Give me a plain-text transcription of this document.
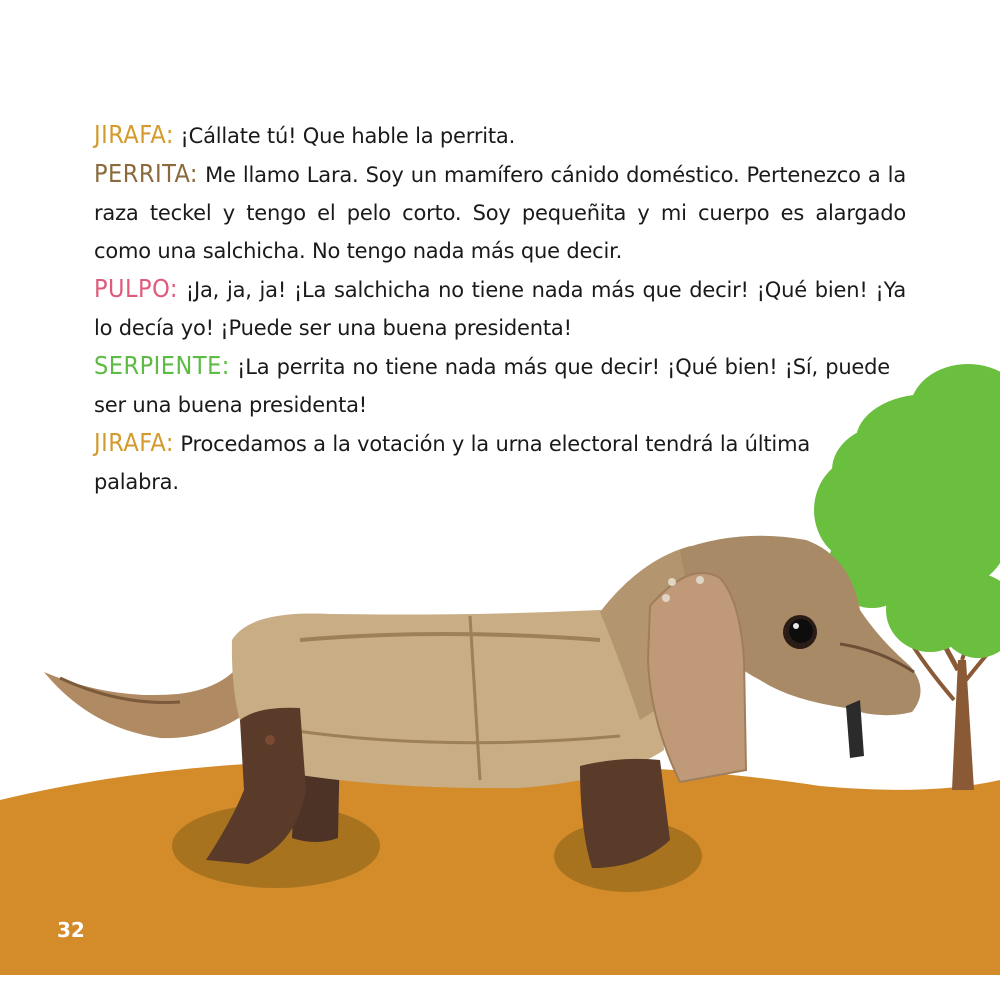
JIRAFA: ¡Cállate tú! Que hable la perrita.

PERRITA: Me llamo Lara. Soy un mamífero cánido doméstico. Pertenezco a la raza teckel y tengo el pelo corto. Soy pequeñita y mi cuerpo es alargado como una salchicha. No tengo nada más que decir.

PULPO: ¡Ja, ja, ja! ¡La salchicha no tiene nada más que decir! ¡Qué bien! ¡Ya lo decía yo! ¡Puede ser una buena presidenta!

SERPIENTE: ¡La perrita no tiene nada más que decir! ¡Qué bien! ¡Sí, puede ser una buena presidenta!

JIRAFA: Procedamos a la votación y la urna electoral tendrá la última palabra.

32
